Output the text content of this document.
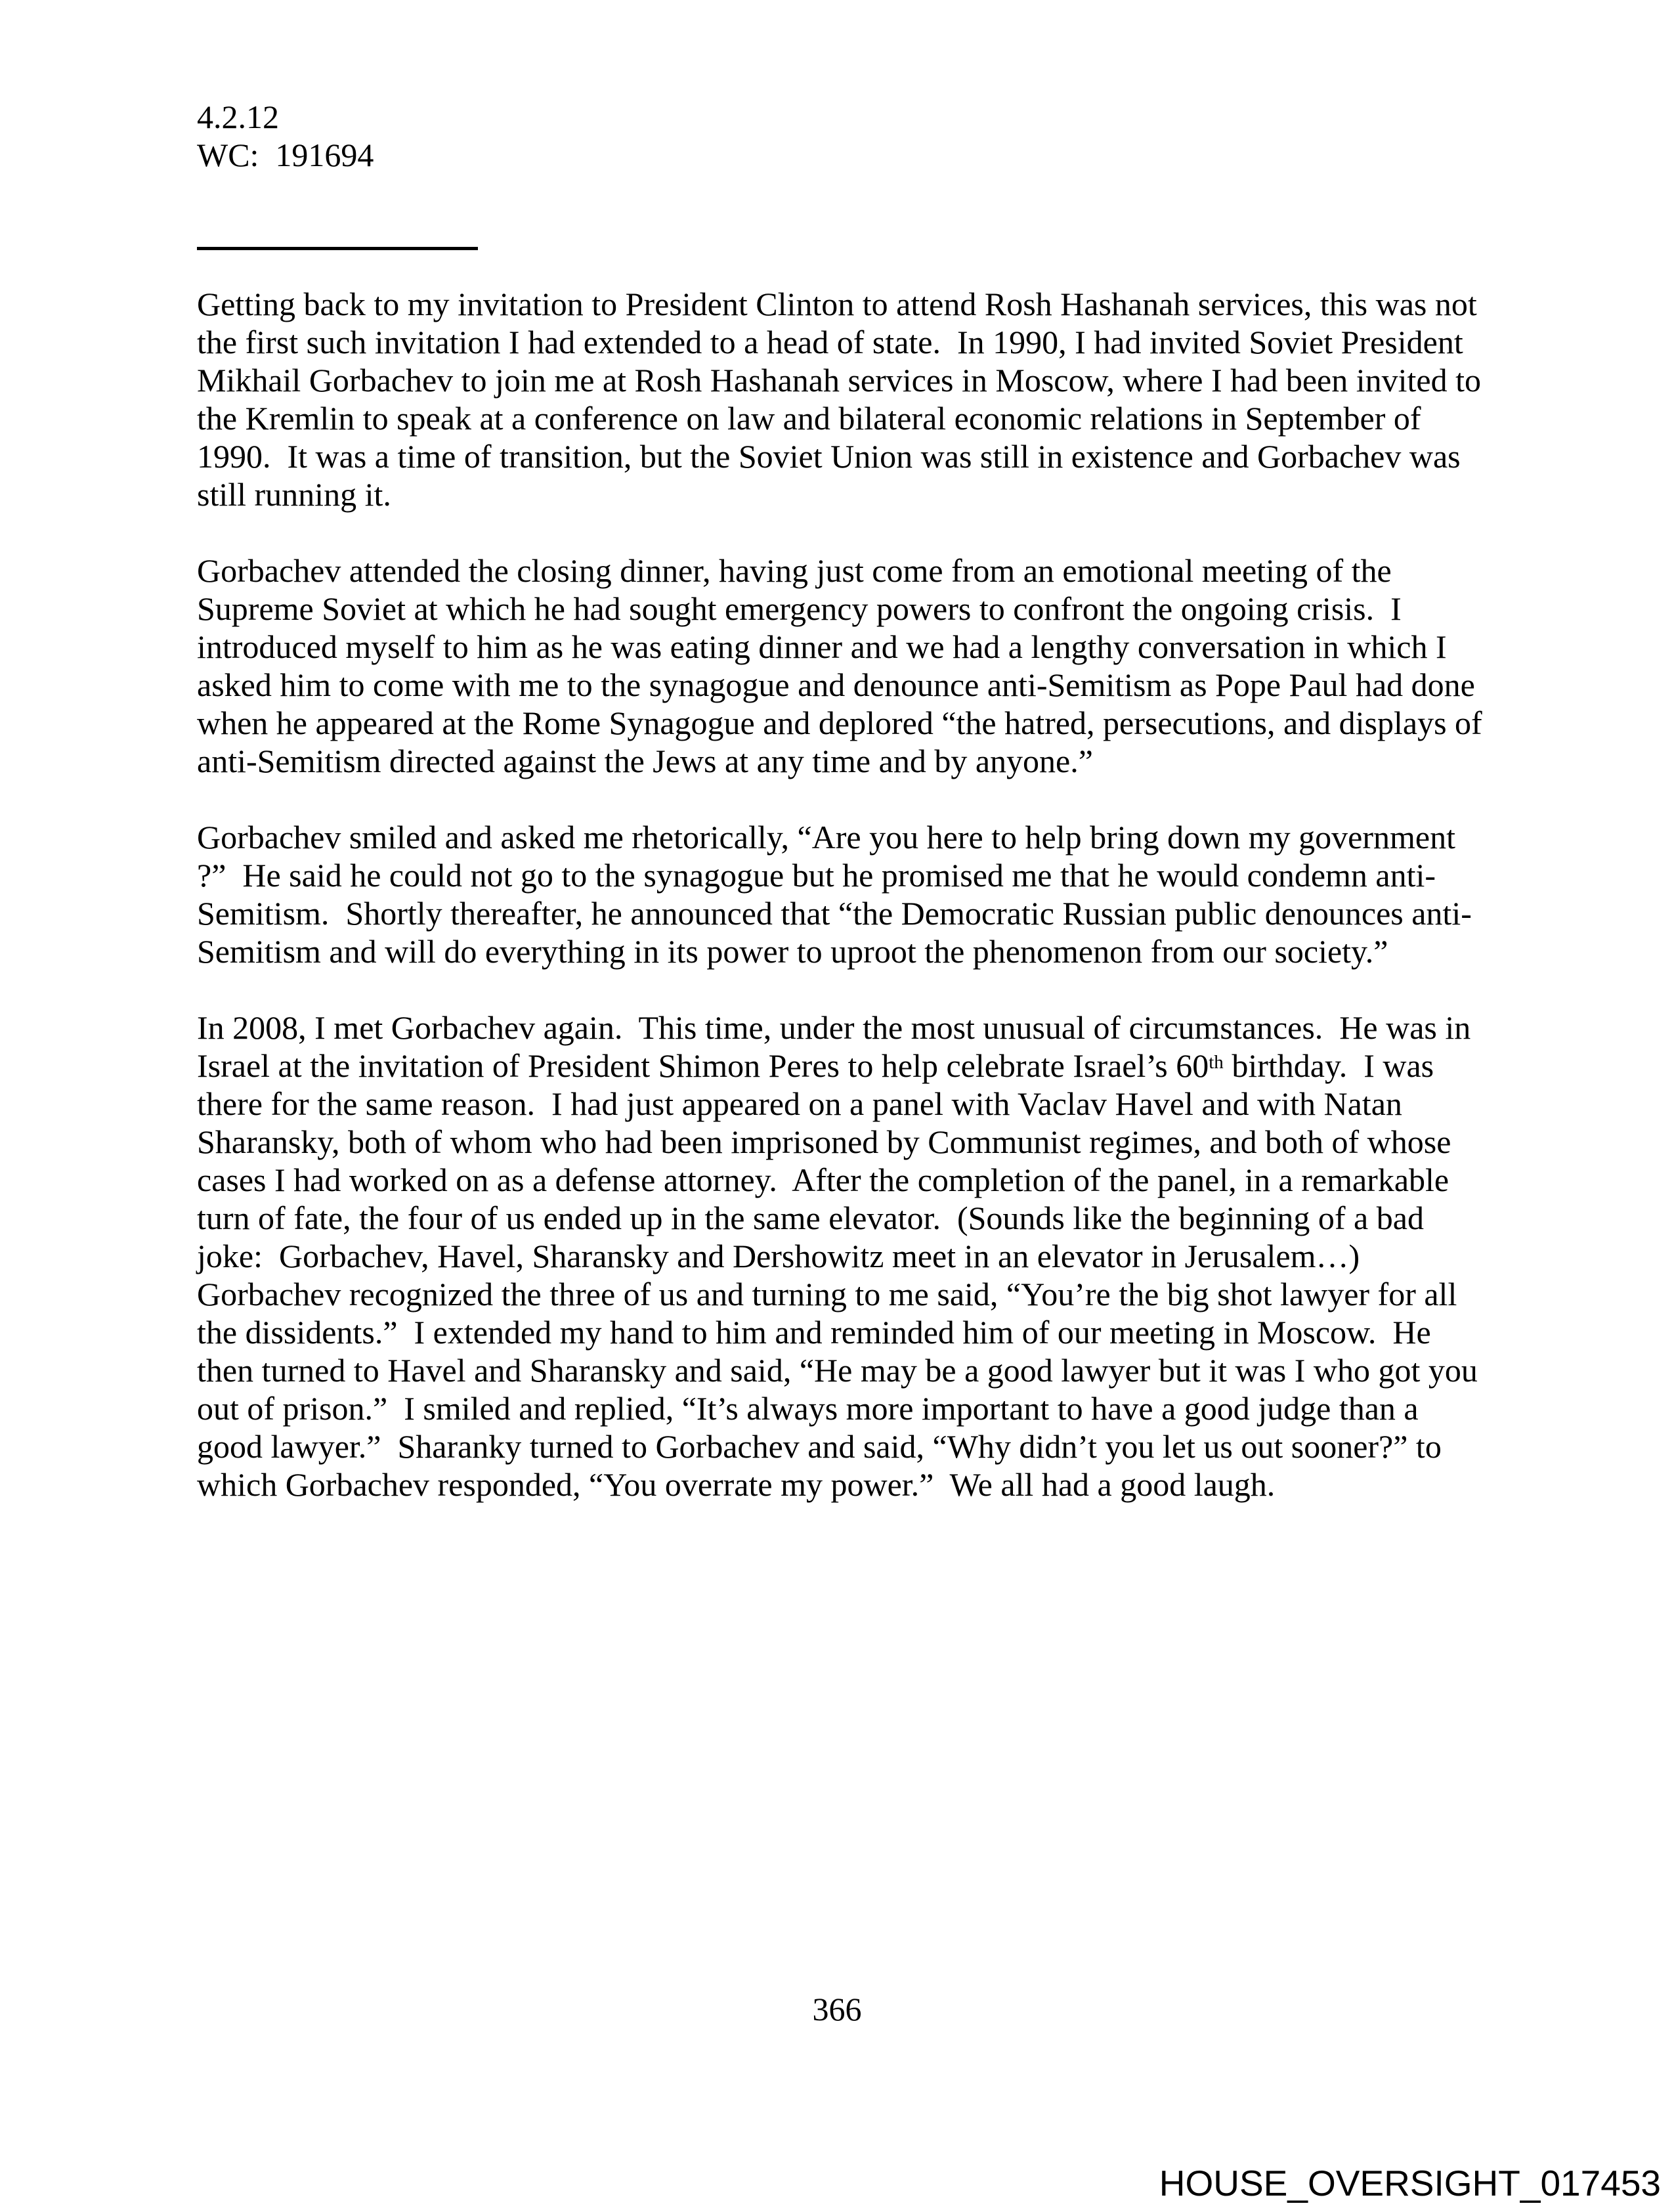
4.2.12
WC:  191694
Getting back to my invitation to President Clinton to attend Rosh Hashanah services, this was not
the first such invitation I had extended to a head of state.  In 1990, I had invited Soviet President
Mikhail Gorbachev to join me at Rosh Hashanah services in Moscow, where I had been invited to
the Kremlin to speak at a conference on law and bilateral economic relations in September of
1990.  It was a time of transition, but the Soviet Union was still in existence and Gorbachev was
still running it.
Gorbachev attended the closing dinner, having just come from an emotional meeting of the
Supreme Soviet at which he had sought emergency powers to confront the ongoing crisis.  I
introduced myself to him as he was eating dinner and we had a lengthy conversation in which I
asked him to come with me to the synagogue and denounce anti-Semitism as Pope Paul had done
when he appeared at the Rome Synagogue and deplored “the hatred, persecutions, and displays of
anti-Semitism directed against the Jews at any time and by anyone.”
Gorbachev smiled and asked me rhetorically, “Are you here to help bring down my government
?”  He said he could not go to the synagogue but he promised me that he would condemn anti-
Semitism.  Shortly thereafter, he announced that “the Democratic Russian public denounces anti-
Semitism and will do everything in its power to uproot the phenomenon from our society.”
In 2008, I met Gorbachev again.  This time, under the most unusual of circumstances.  He was in
Israel at the invitation of President Shimon Peres to help celebrate Israel’s 60th birthday.  I was
there for the same reason.  I had just appeared on a panel with Vaclav Havel and with Natan
Sharansky, both of whom who had been imprisoned by Communist regimes, and both of whose
cases I had worked on as a defense attorney.  After the completion of the panel, in a remarkable
turn of fate, the four of us ended up in the same elevator.  (Sounds like the beginning of a bad
joke:  Gorbachev, Havel, Sharansky and Dershowitz meet in an elevator in Jerusalem…)
Gorbachev recognized the three of us and turning to me said, “You’re the big shot lawyer for all
the dissidents.”  I extended my hand to him and reminded him of our meeting in Moscow.  He
then turned to Havel and Sharansky and said, “He may be a good lawyer but it was I who got you
out of prison.”  I smiled and replied, “It’s always more important to have a good judge than a
good lawyer.”  Sharanky turned to Gorbachev and said, “Why didn’t you let us out sooner?” to
which Gorbachev responded, “You overrate my power.”  We all had a good laugh.
366
HOUSE_OVERSIGHT_017453
